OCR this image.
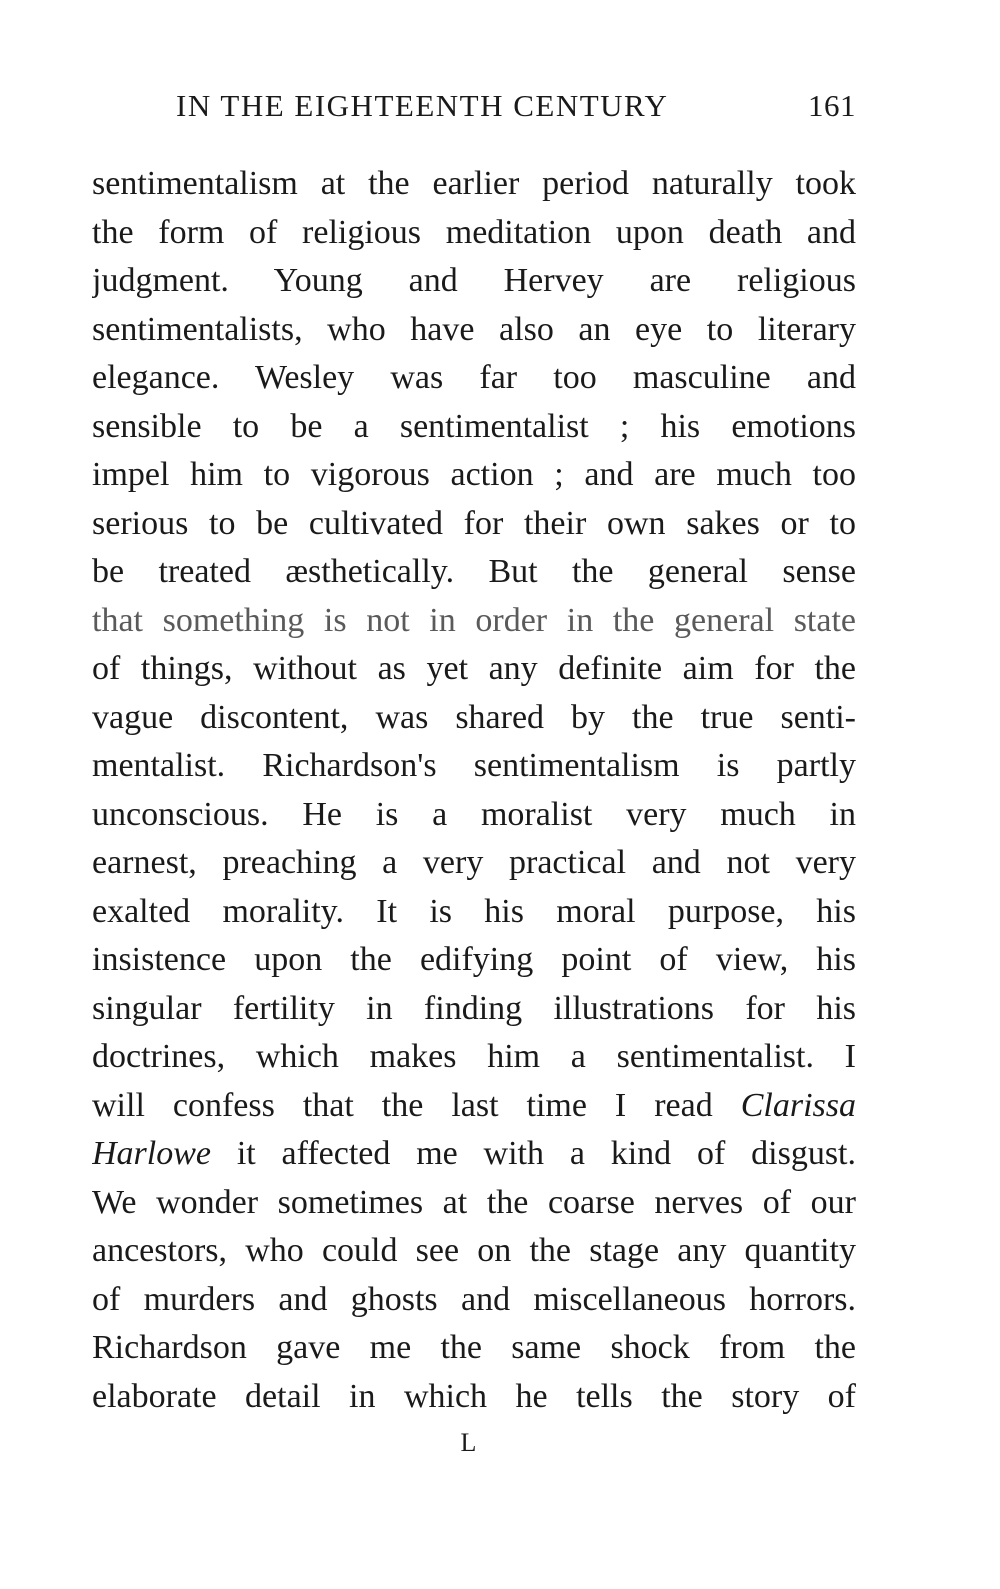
IN THE EIGHTEENTH CENTURY	161
sentimentalism at the earlier period naturally took
the form of religious meditation upon death and
judgment. Young and Hervey are religious
sentimentalists, who have also an eye to literary
elegance. Wesley was far too masculine and
sensible to be a sentimentalist ; his emotions
impel him to vigorous action ; and are much too
serious to be cultivated for their own sakes or to
be treated æsthetically. But the general sense
that something is not in order in the general state
of things, without as yet any definite aim for the
vague discontent, was shared by the true senti-
mentalist. Richardson's sentimentalism is partly
unconscious. He is a moralist very much in
earnest, preaching a very practical and not very
exalted morality. It is his moral purpose, his
insistence upon the edifying point of view, his
singular fertility in finding illustrations for his
doctrines, which makes him a sentimentalist. I
will confess that the last time I read Clarissa
Harlowe it affected me with a kind of disgust.
We wonder sometimes at the coarse nerves of our
ancestors, who could see on the stage any quantity
of murders and ghosts and miscellaneous horrors.
Richardson gave me the same shock from the
elaborate detail in which he tells the story of
L
